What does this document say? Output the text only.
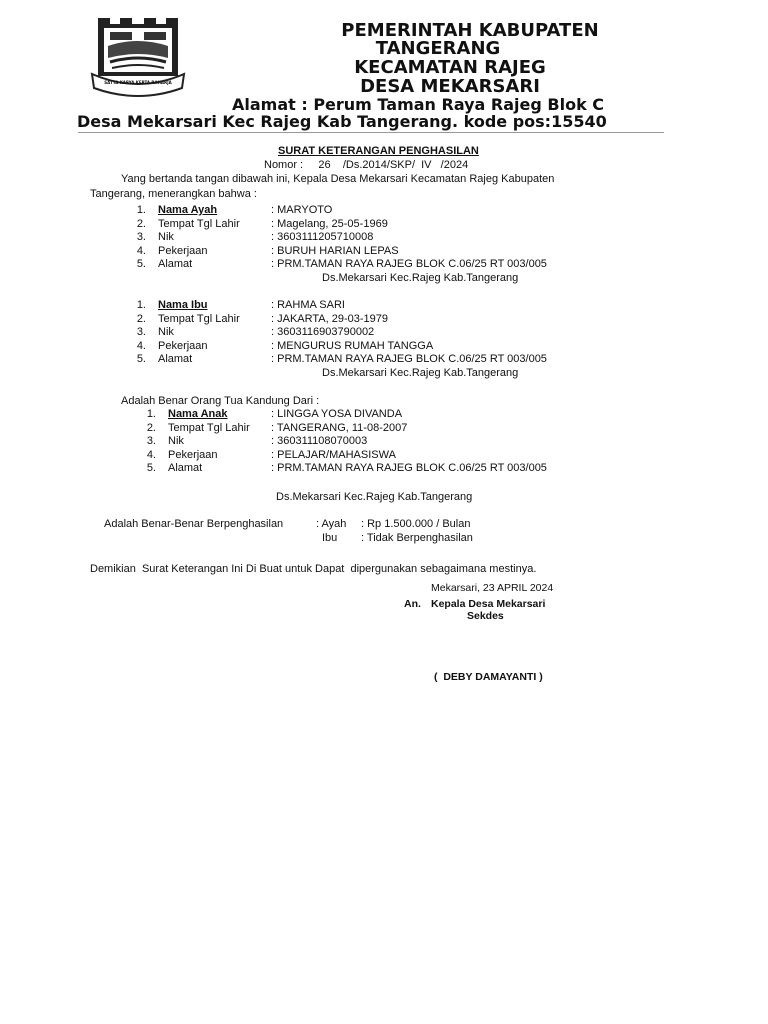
SATYA KARYA KERTA RAHARJA
PEMERINTAH KABUPATEN
TANGERANG
KECAMATAN RAJEG
DESA MEKARSARI
Alamat : Perum Taman Raya Rajeg Blok C
Desa Mekarsari Kec Rajeg Kab Tangerang. kode pos:15540
SURAT KETERANGAN PENGHASILAN
Nomor :     26    /Ds.2014/SKP/  IV   /2024
Yang bertanda tangan dibawah ini, Kepala Desa Mekarsari Kecamatan Rajeg Kabupaten
Tangerang, menerangkan bahwa :
1. Nama Ayah	: MARYOTO
2. Tempat Tgl Lahir	: Magelang, 25-05-1969
3. Nik	: 3603111205710008
4. Pekerjaan	: BURUH HARIAN LEPAS
5. Alamat	: PRM.TAMAN RAYA RAJEG BLOK C.06/25 RT 003/005
Ds.Mekarsari Kec.Rajeg Kab.Tangerang
1. Nama Ibu	: RAHMA SARI
2. Tempat Tgl Lahir	: JAKARTA, 29-03-1979
3. Nik	: 3603116903790002
4. Pekerjaan	: MENGURUS RUMAH TANGGA
5. Alamat	: PRM.TAMAN RAYA RAJEG BLOK C.06/25 RT 003/005
Ds.Mekarsari Kec.Rajeg Kab.Tangerang
Adalah Benar Orang Tua Kandung Dari :
1. Nama Anak	: LINGGA YOSA DIVANDA
2. Tempat Tgl Lahir : TANGERANG, 11-08-2007
3. Nik	: 360311108070003
4. Pekerjaan	: PELAJAR/MAHASISWA
5. Alamat	: PRM.TAMAN RAYA RAJEG BLOK C.06/25 RT 003/005
Ds.Mekarsari Kec.Rajeg Kab.Tangerang
Adalah Benar-Benar Berpenghasilan	: Ayah : Rp 1.500.000 / Bulan
Ibu : Tidak Berpenghasilan
Demikian  Surat Keterangan Ini Di Buat untuk Dapat  dipergunakan sebagaimana mestinya.
Mekarsari, 23 APRIL 2024
An. Kepala Desa Mekarsari
Sekdes
(  DEBY DAMAYANTI )
